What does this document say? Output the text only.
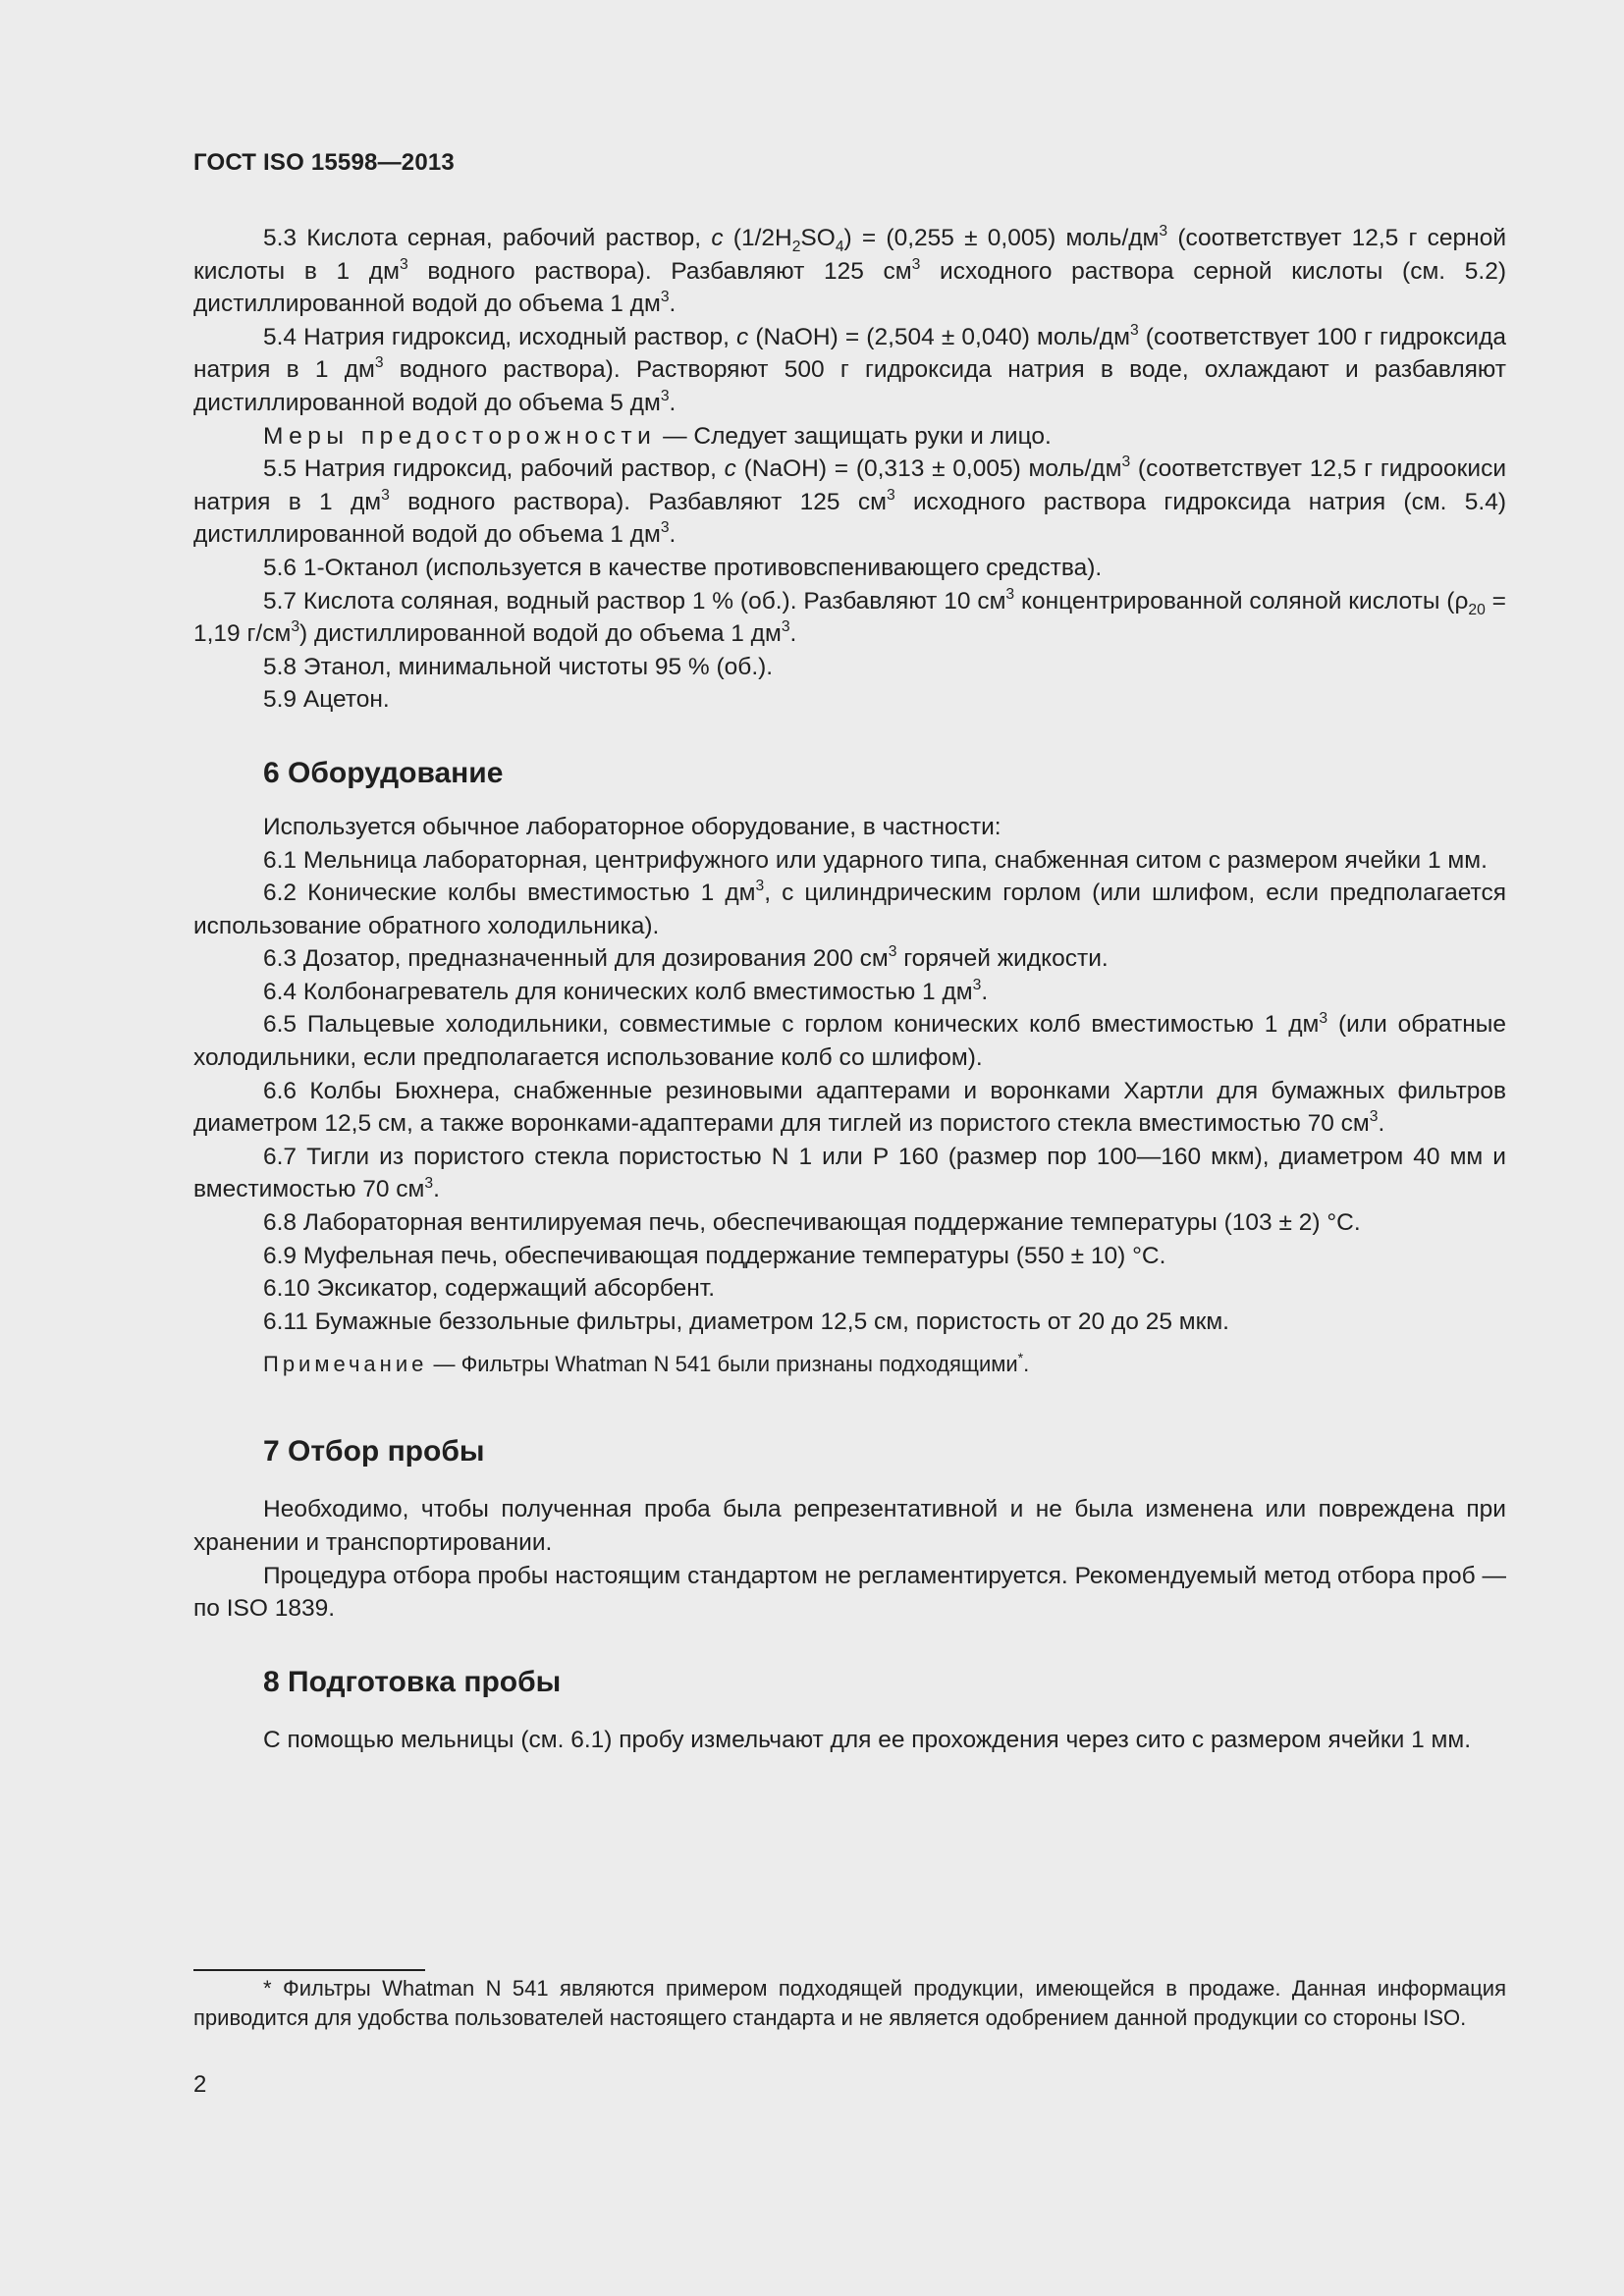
ГОСТ ISO 15598—2013

5.3 Кислота серная, рабочий раствор, c $(1/2H_2SO_4) = (0,255 \pm 0,005)$ моль/$дм^3$ (соответствует 12,5 г серной кислоты в 1 $дм^3$ водного раствора). Разбавляют 125 $см^3$ исходного раствора серной кислоты (см. 5.2) дистиллированной водой до объема 1 $дм^3$.

5.4 Натрия гидроксид, исходный раствор, c (NaOH) = (2,504 ± 0,040) моль/$дм^3$ (соответствует 100 г гидроксида натрия в 1 $дм^3$ водного раствора). Растворяют 500 г гидроксида натрия в воде, охлаждают и разбавляют дистиллированной водой до объема 5 $дм^3$.

Меры предосторожности — Следует защищать руки и лицо.

5.5 Натрия гидроксид, рабочий раствор, c (NaOH) = (0,313 ± 0,005) моль/$дм^3$ (соответствует 12,5 г гидроокиси натрия в 1 $дм^3$ водного раствора). Разбавляют 125 $см^3$ исходного раствора гидроксида натрия (см. 5.4) дистиллированной водой до объема 1 $дм^3$.

5.6 1-Октанол (используется в качестве противовспенивающего средства).

5.7 Кислота соляная, водный раствор 1 % (об.). Разбавляют 10 $см^3$ концентрированной соляной кислоты ($\rho_{20} = 1,19$ $г/см^3$) дистиллированной водой до объема 1 $дм^3$.

5.8 Этанол, минимальной чистоты 95 % (об.).

5.9 Ацетон.

6 Оборудование

Используется обычное лабораторное оборудование, в частности:

6.1 Мельница лабораторная, центрифужного или ударного типа, снабженная ситом с размером ячейки 1 мм.

6.2 Конические колбы вместимостью 1 $дм^3$, с цилиндрическим горлом (или шлифом, если предполагается использование обратного холодильника).

6.3 Дозатор, предназначенный для дозирования 200 $см^3$ горячей жидкости.

6.4 Колбонагреватель для конических колб вместимостью 1 $дм^3$.

6.5 Пальцевые холодильники, совместимые с горлом конических колб вместимостью 1 $дм^3$ (или обратные холодильники, если предполагается использование колб со шлифом).

6.6 Колбы Бюхнера, снабженные резиновыми адаптерами и воронками Хартли для бумажных фильтров диаметром 12,5 см, а также воронками-адаптерами для тиглей из пористого стекла вместимостью 70 $см^3$.

6.7 Тигли из пористого стекла пористостью N 1 или P 160 (размер пор 100—160 мкм), диаметром 40 мм и вместимостью 70 $см^3$.

6.8 Лабораторная вентилируемая печь, обеспечивающая поддержание температуры (103 ± 2) °С.

6.9 Муфельная печь, обеспечивающая поддержание температуры (550 ± 10) °С.

6.10 Эксикатор, содержащий абсорбент.

6.11 Бумажные беззольные фильтры, диаметром 12,5 см, пористость от 20 до 25 мкм.

Примечание — Фильтры Whatman N 541 были признаны подходящими*.

7 Отбор пробы

Необходимо, чтобы полученная проба была репрезентативной и не была изменена или повреждена при хранении и транспортировании.

Процедура отбора пробы настоящим стандартом не регламентируется. Рекомендуемый метод отбора проб — по ISO 1839.

8 Подготовка пробы

С помощью мельницы (см. 6.1) пробу измельчают для ее прохождения через сито с размером ячейки 1 мм.

* Фильтры Whatman N 541 являются примером подходящей продукции, имеющейся в продаже. Данная информация приводится для удобства пользователей настоящего стандарта и не является одобрением данной продукции со стороны ISO.
2
